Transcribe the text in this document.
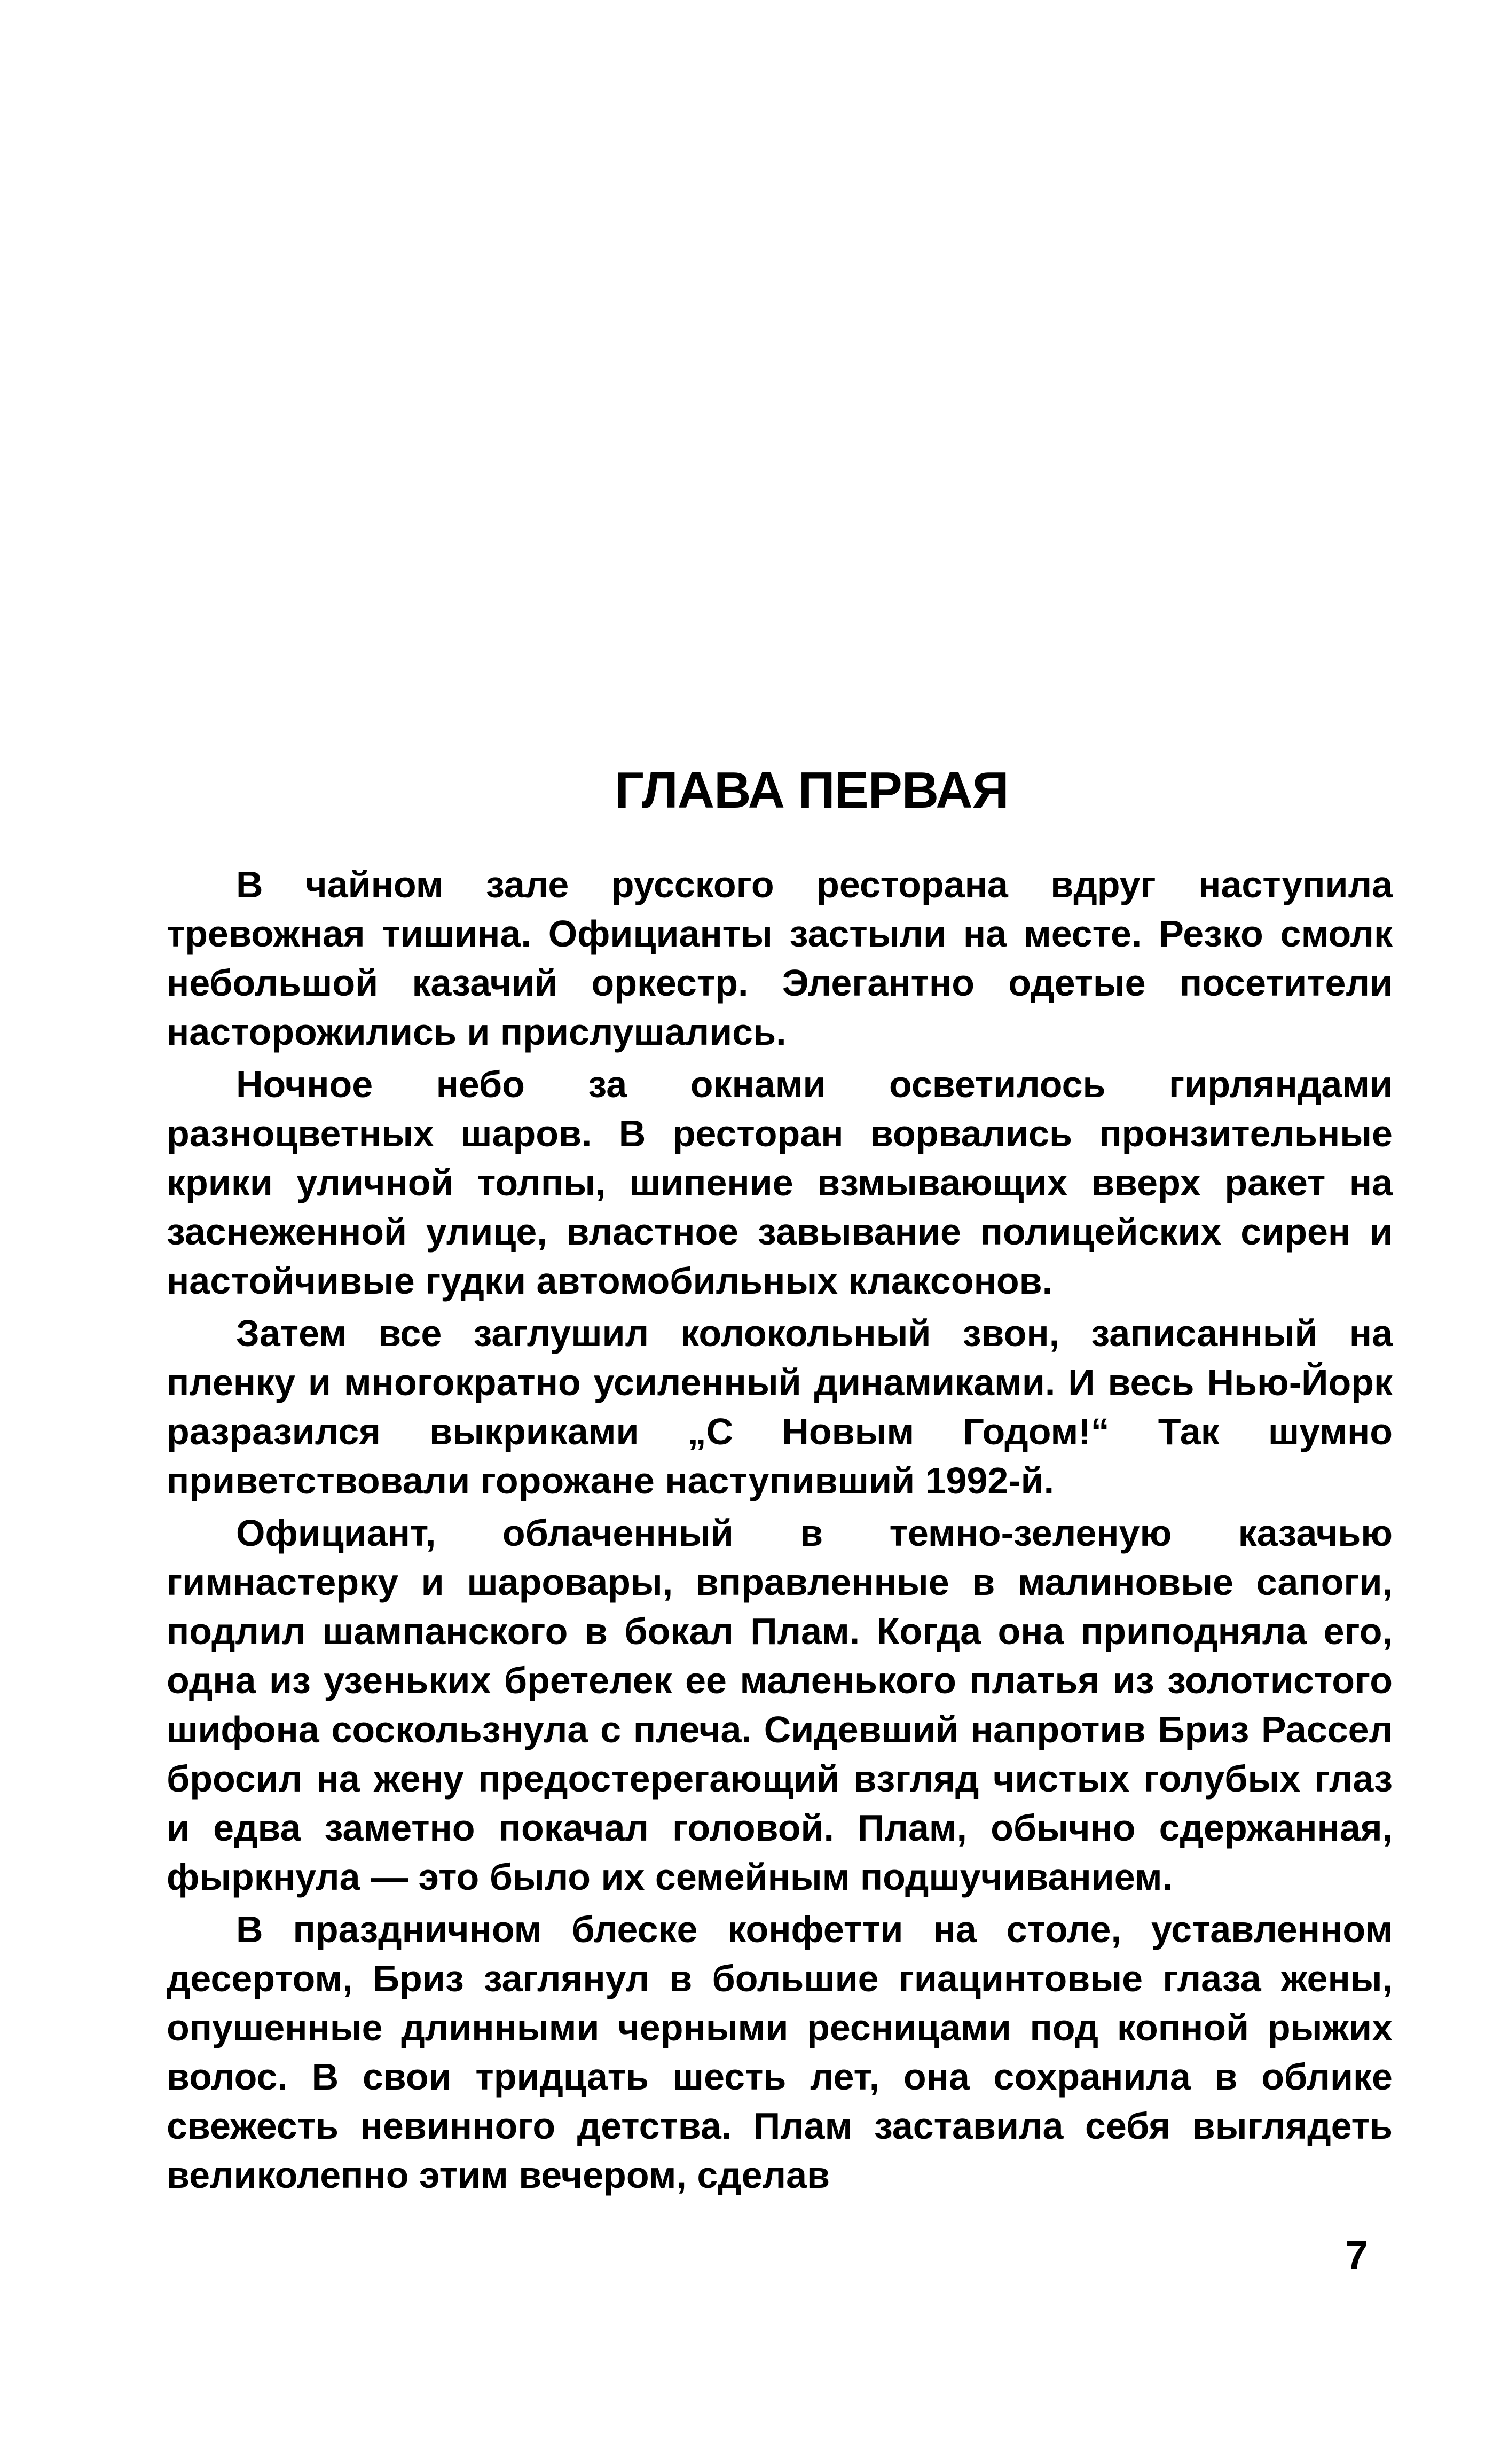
ГЛАВА ПЕРВАЯ

В чайном зале русского ресторана вдруг наступила тревожная тишина. Официанты застыли на месте. Резко смолк небольшой казачий оркестр. Элегантно одетые посетители насторожились и прислушались.

Ночное небо за окнами осветилось гирляндами разноцветных шаров. В ресторан ворвались пронзительные крики уличной толпы, шипение взмывающих вверх ракет на заснеженной улице, властное завывание полицейских сирен и настойчивые гудки автомобильных клаксонов.

Затем все заглушил колокольный звон, записанный на пленку и многократно усиленный динамиками. И весь Нью-Йорк разразился выкриками „С Новым Годом!“ Так шумно приветствовали горожане наступивший 1992-й.

Официант, облаченный в темно-зеленую казачью гимнастерку и шаровары, вправленные в малиновые сапоги, подлил шампанского в бокал Плам. Когда она приподняла его, одна из узеньких бретелек ее маленького платья из золотистого шифона соскользнула с плеча. Сидевший напротив Бриз Рассел бросил на жену предостерегающий взгляд чистых голубых глаз и едва заметно покачал головой. Плам, обычно сдержанная, фыркнула — это было их семейным подшучиванием.

В праздничном блеске конфетти на столе, уставленном десертом, Бриз заглянул в большие гиацинтовые глаза жены, опушенные длинными черными ресницами под копной рыжих волос. В свои тридцать шесть лет, она сохранила в облике свежесть невинного детства. Плам заставила себя выглядеть великолепно этим вечером, сделав

7
